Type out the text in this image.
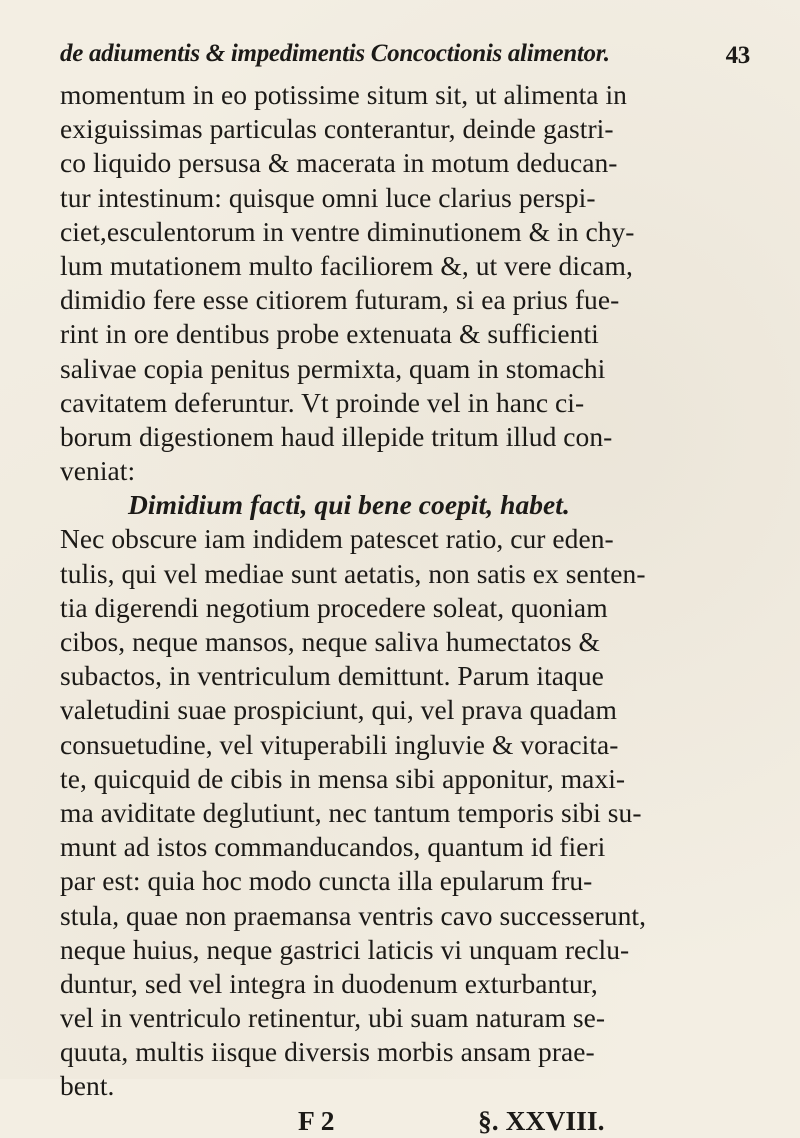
de adiumentis & impedimentis Concoctionis alimentor.	43
momentum in eo potissime situm sit, ut alimenta in
exiguissimas particulas conterantur, deinde gastri-
co liquido persusa & macerata in motum deducan-
tur intestinum: quisque omni luce clarius perspi-
ciet,esculentorum in ventre diminutionem & in chy-
lum mutationem multo faciliorem &, ut vere dicam,
dimidio fere esse citiorem futuram, si ea prius fue-
rint in ore dentibus probe extenuata & sufficienti
salivae copia penitus permixta, quam in stomachi
cavitatem deferuntur. Vt proinde vel in hanc ci-
borum digestionem haud illepide tritum illud con-
veniat:
Dimidium facti, qui bene coepit, habet.
Nec obscure iam indidem patescet ratio, cur eden-
tulis, qui vel mediae sunt aetatis, non satis ex senten-
tia digerendi negotium procedere soleat, quoniam
cibos, neque mansos, neque saliva humectatos &
subactos, in ventriculum demittunt. Parum itaque
valetudini suae prospiciunt, qui, vel prava quadam
consuetudine, vel vituperabili ingluvie & voracita-
te, quicquid de cibis in mensa sibi apponitur, maxi-
ma aviditate deglutiunt, nec tantum temporis sibi su-
munt ad istos commanducandos, quantum id fieri
par est: quia hoc modo cuncta illa epularum fru-
stula, quae non praemansa ventris cavo successerunt,
neque huius, neque gastrici laticis vi unquam reclu-
duntur, sed vel integra in duodenum exturbantur,
vel in ventriculo retinentur, ubi suam naturam se-
quuta, multis iisque diversis morbis ansam prae-
bent.
F 2	§. XXVIII.
